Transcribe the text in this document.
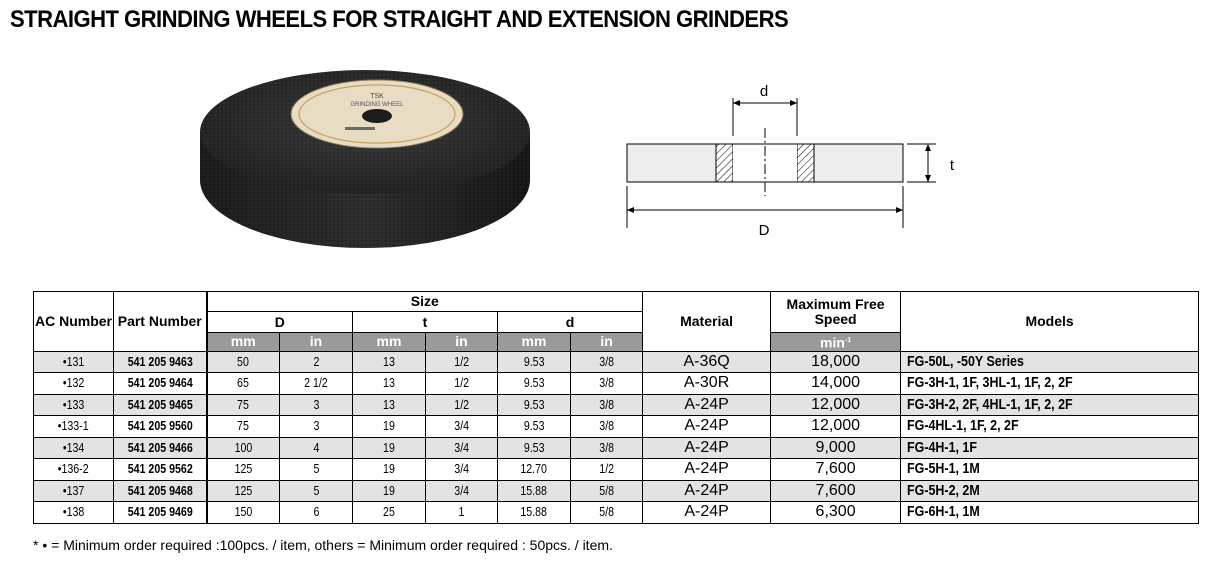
STRAIGHT GRINDING WHEELS FOR STRAIGHT AND EXTENSION GRINDERS
TSK
GRINDING WHEEL
d
t
D
AC Number	Part Number	Size						Material	Maximum Free Speed	Models
		D		t		d				
		mm	in	mm	in	mm	in		$\min^{-1}$
•131	541 205 9463	50	2	13	1/2	9.53	3/8	A-36Q	18,000	FG-50L, -50Y Series
•132	541 205 9464	65	2 1/2	13	1/2	9.53	3/8	A-30R	14,000	FG-3H-1, 1F, 3HL-1, 1F, 2, 2F
•133	541 205 9465	75	3	13	1/2	9.53	3/8	A-24P	12,000	FG-3H-2, 2F, 4HL-1, 1F, 2, 2F
•133-1	541 205 9560	75	3	19	3/4	9.53	3/8	A-24P	12,000	FG-4HL-1, 1F, 2, 2F
•134	541 205 9466	100	4	19	3/4	9.53	3/8	A-24P	9,000	FG-4H-1, 1F
•136-2	541 205 9562	125	5	19	3/4	12.70	1/2	A-24P	7,600	FG-5H-1, 1M
•137	541 205 9468	125	5	19	3/4	15.88	5/8	A-24P	7,600	FG-5H-2, 2M
•138	541 205 9469	150	6	25	1	15.88	5/8	A-24P	6,300	FG-6H-1, 1M
* • = Minimum order required :100pcs. / item, others = Minimum order required : 50pcs. / item.
